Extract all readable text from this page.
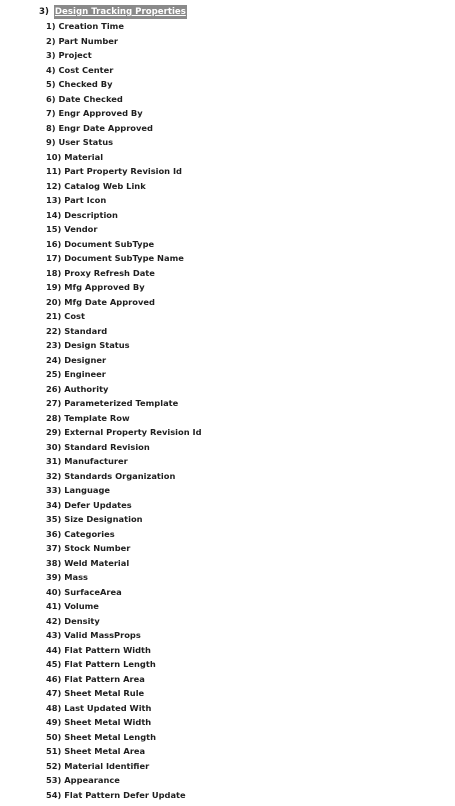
3) Design Tracking Properties
1) Creation Time
2) Part Number
3) Project
4) Cost Center
5) Checked By
6) Date Checked
7) Engr Approved By
8) Engr Date Approved
9) User Status
10) Material
11) Part Property Revision Id
12) Catalog Web Link
13) Part Icon
14) Description
15) Vendor
16) Document SubType
17) Document SubType Name
18) Proxy Refresh Date
19) Mfg Approved By
20) Mfg Date Approved
21) Cost
22) Standard
23) Design Status
24) Designer
25) Engineer
26) Authority
27) Parameterized Template
28) Template Row
29) External Property Revision Id
30) Standard Revision
31) Manufacturer
32) Standards Organization
33) Language
34) Defer Updates
35) Size Designation
36) Categories
37) Stock Number
38) Weld Material
39) Mass
40) SurfaceArea
41) Volume
42) Density
43) Valid MassProps
44) Flat Pattern Width
45) Flat Pattern Length
46) Flat Pattern Area
47) Sheet Metal Rule
48) Last Updated With
49) Sheet Metal Width
50) Sheet Metal Length
51) Sheet Metal Area
52) Material Identifier
53) Appearance
54) Flat Pattern Defer Update
